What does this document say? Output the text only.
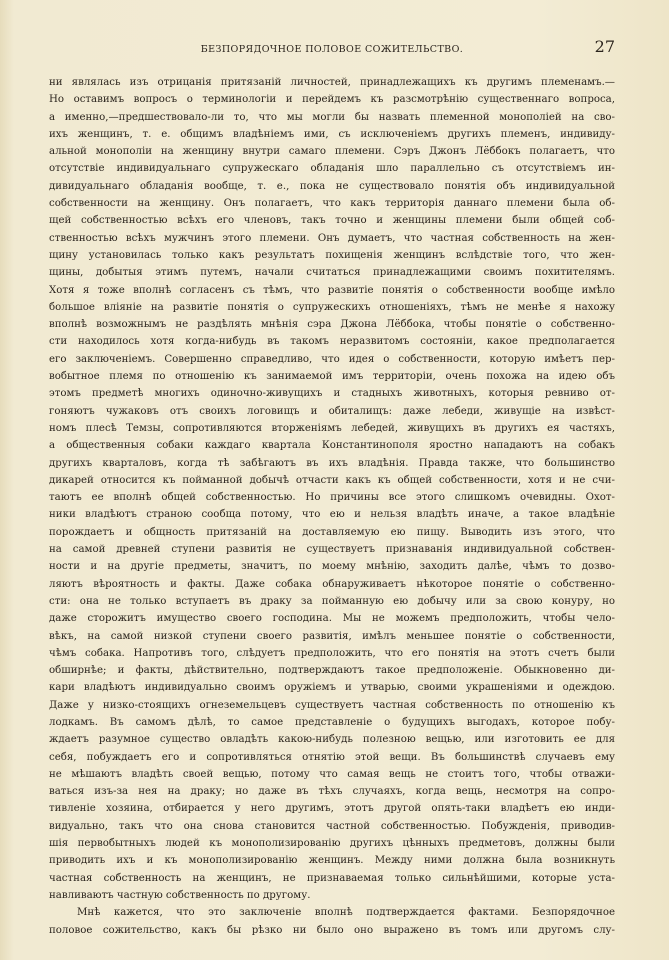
БЕЗПОРЯДОЧНОЕ ПОЛОВОЕ СОЖИТЕЛЬСТВО.	27
ни являлась изъ отрицанія притязаній личностей, принадлежащихъ къ другимъ племенамъ.—
Но оставимъ вопросъ о терминологіи и перейдемъ къ разсмотрѣнію существеннаго вопроса,
а именно,—предшествовало-ли то, что мы могли бы назвать племенной монополіей на сво-
ихъ женщинъ, т. е. общимъ владѣніемъ ими, съ исключеніемъ другихъ племенъ, индивиду-
альной монополіи на женщину внутри самаго племени. Сэръ Джонъ Лёббокъ полагаетъ, что
отсутствіе индивидуальнаго супружескаго обладанія шло параллельно съ отсутствіемъ ин-
дивидуальнаго обладанія вообще, т. е., пока не существовало понятія объ индивидуальной
собственности на женщину. Онъ полагаетъ, что какъ территорія даннаго племени была об-
щей собственностью всѣхъ его членовъ, такъ точно и женщины племени были общей соб-
ственностью всѣхъ мужчинъ этого племени. Онъ думаетъ, что частная собственность на жен-
щину установилась только какъ результатъ похищенія женщинъ вслѣдствіе того, что жен-
щины, добытыя этимъ путемъ, начали считаться принадлежащими своимъ похитителямъ.
Хотя я тоже вполнѣ согласенъ съ тѣмъ, что развитіе понятія о собственности вообще имѣло
большое вліяніе на развитіе понятія о супружескихъ отношеніяхъ, тѣмъ не менѣе я нахожу
вполнѣ возможнымъ не раздѣлять мнѣнія сэра Джона Лёббока, чтобы понятіе о собственно-
сти находилось хотя когда-нибудь въ такомъ неразвитомъ состояніи, какое предполагается
его заключеніемъ. Совершенно справедливо, что идея о собственности, которую имѣетъ пер-
вобытное племя по отношенію къ занимаемой имъ территоріи, очень похожа на идею объ
этомъ предметѣ многихъ одиночно-живущихъ и стадныхъ животныхъ, которыя ревниво от-
гоняютъ чужаковъ отъ своихъ логовищъ и обиталищъ: даже лебеди, живущіе на извѣст-
номъ плесѣ Темзы, сопротивляются вторженіямъ лебедей, живущихъ въ другихъ ея частяхъ,
а общественныя собаки каждаго квартала Константинополя яростно нападаютъ на собакъ
другихъ кварталовъ, когда тѣ забѣгаютъ въ ихъ владѣнія. Правда также, что большинство
дикарей относится къ пойманной добычѣ отчасти какъ къ общей собственности, хотя и не счи-
таютъ ее вполнѣ общей собственностью. Но причины все этого слишкомъ очевидны. Охот-
ники владѣютъ страною сообща потому, что ею и нельзя владѣть иначе, а такое владѣніе
порождаетъ и общность притязаній на доставляемую ею пищу. Выводить изъ этого, что
на самой древней ступени развитія не существуетъ признаванія индивидуальной собствен-
ности и на другіе предметы, значитъ, по моему мнѣнію, заходить далѣе, чѣмъ то дозво-
ляютъ вѣроятность и факты. Даже собака обнаруживаетъ нѣкоторое понятіе о собственно-
сти: она не только вступаетъ въ драку за пойманную ею добычу или за свою конуру, но
даже сторожитъ имущество своего господина. Мы не можемъ предположить, чтобы чело-
вѣкъ, на самой низкой ступени своего развитія, имѣлъ меньшее понятіе о собственности,
чѣмъ собака. Напротивъ того, слѣдуетъ предположить, что его понятія на этотъ счетъ были
обширнѣе; и факты, дѣйствительно, подтверждаютъ такое предположеніе. Обыкновенно ди-
кари владѣютъ индивидуально своимъ оружіемъ и утварью, своими украшеніями и одеждою.
Даже у низко-стоящихъ огнеземельцевъ существуетъ частная собственность по отношенію къ
лодкамъ. Въ самомъ дѣлѣ, то самое представленіе о будущихъ выгодахъ, которое побу-
ждаетъ разумное существо овладѣть какою-нибудь полезною вещью, или изготовить ее для
себя, побуждаетъ его и сопротивляться отнятію этой вещи. Въ большинствѣ случаевъ ему
не мѣшаютъ владѣть своей вещью, потому что самая вещь не стоитъ того, чтобы отважи-
ваться изъ-за нея на драку; но даже въ тѣхъ случаяхъ, когда вещь, несмотря на сопро-
тивленіе хозяина, отбирается у него другимъ, этотъ другой опять-таки владѣетъ ею инди-
видуально, такъ что она снова становится частной собственностью. Побужденія, приводив-
шія первобытныхъ людей къ монополизированію другихъ цѣнныхъ предметовъ, должны были
приводить ихъ и къ монополизированію женщинъ. Между ними должна была возникнуть
частная собственность на женщинъ, не признаваемая только сильнѣйшими, которые уста-
навливаютъ частную собственность по другому.
Мнѣ кажется, что это заключеніе вполнѣ подтверждается фактами. Безпорядочное
половое сожительство, какъ бы рѣзко ни было оно выражено въ томъ или другомъ слу-
